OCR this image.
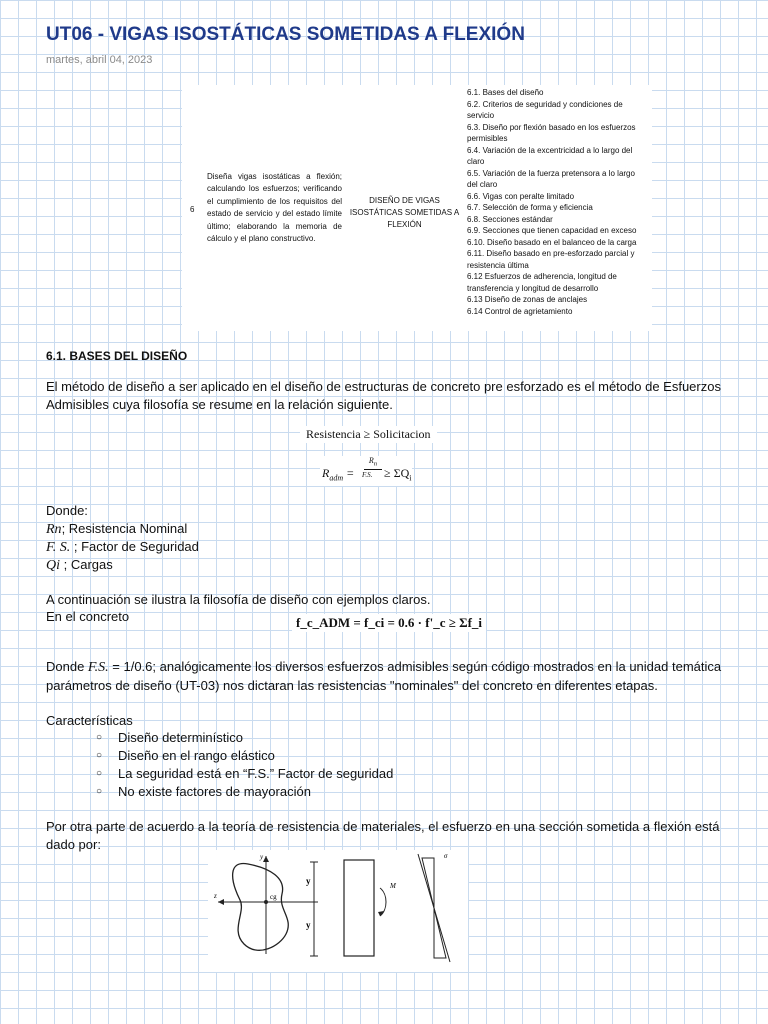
UT06 - VIGAS ISOSTÁTICAS SOMETIDAS A FLEXIÓN
martes, abril 04, 2023
6
Diseña vigas isostáticas a flexión; calculando los esfuerzos; verificando el cumplimiento de los requisitos del estado de servicio y del estado límite último; elaborando la memoria de cálculo y el plano constructivo.
DISEÑO DE VIGAS ISOSTÁTICAS SOMETIDAS A FLEXIÓN
6.1. Bases del diseño
6.2. Criterios de seguridad y condiciones de servicio
6.3. Diseño por flexión basado en los esfuerzos permisibles
6.4. Variación de la excentricidad a lo largo del claro
6.5. Variación de la fuerza pretensora a lo largo del claro
6.6. Vigas con peralte limitado
6.7. Selección de forma y eficiencia
6.8. Secciones estándar
6.9. Secciones que tienen capacidad en exceso
6.10. Diseño basado en el balanceo de la carga
6.11. Diseño basado en pre-esforzado parcial y resistencia última
6.12 Esfuerzos de adherencia, longitud de transferencia y longitud de desarrollo
6.13 Diseño de zonas de anclajes
6.14 Control de agrietamiento
6.1. BASES DEL DISEÑO
El método de diseño a ser aplicado en el diseño de estructuras de concreto pre esforzado es el método de Esfuerzos Admisibles cuya filosofía se resume en la relación siguiente.
Resistencia ≥ Solicitacion
$R_{adm}$ =
$R_n$
F.S. ≥ $\Sigma Q_i$
Donde:
Rn; Resistencia Nominal
F. S. ; Factor de Seguridad
Qi ; Cargas
A continuación se ilustra la filosofía de diseño con ejemplos claros.
En el concreto	f_c_ADM = f_ci = 0.6 · f'_c ≥ Σf_i
Donde F.S. = 1/0.6; analógicamente los diversos esfuerzos admisibles según código mostrados en la unidad temática parámetros de diseño (UT-03) nos dictaran las resistencias "nominales" del concreto en diferentes etapas.
Características
○ Diseño determinístico
○ Diseño en el rango elástico
○ La seguridad está en “F.S.” Factor de seguridad
○ No existe factores de mayoración
Por otra parte de acuerdo a la teoría de resistencia de materiales, el esfuerzo en una sección sometida a flexión está dado por:
z
y
cg
y
y
M
σ
